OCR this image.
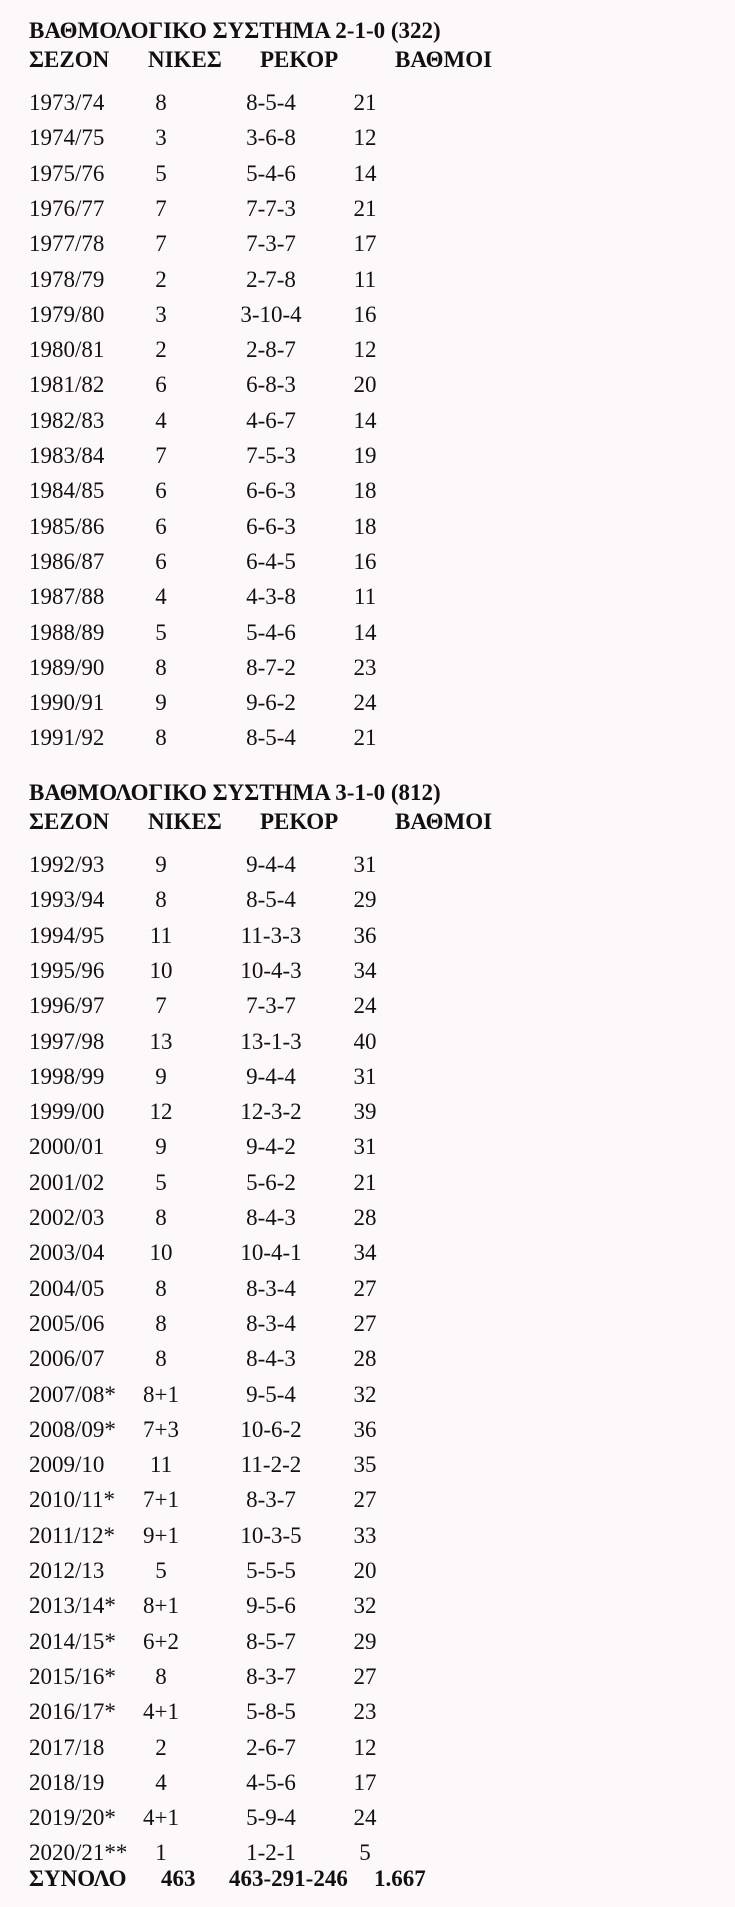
ΒΑΘΜΟΛΟΓΙΚΟ ΣΥΣΤΗΜΑ 2-1-0 (322)
ΣΕΖΟΝ ΝΙΚΕΣ ΡΕΚΟΡ ΒΑΘΜΟΙ
1973/74	8	8-5-4	21
1974/75	3	3-6-8	12
1975/76	5	5-4-6	14
1976/77	7	7-7-3	21
1977/78	7	7-3-7	17
1978/79	2	2-7-8	11
1979/80	3	3-10-4	16
1980/81	2	2-8-7	12
1981/82	6	6-8-3	20
1982/83	4	4-6-7	14
1983/84	7	7-5-3	19
1984/85	6	6-6-3	18
1985/86	6	6-6-3	18
1986/87	6	6-4-5	16
1987/88	4	4-3-8	11
1988/89	5	5-4-6	14
1989/90	8	8-7-2	23
1990/91	9	9-6-2	24
1991/92	8	8-5-4	21
ΒΑΘΜΟΛΟΓΙΚΟ ΣΥΣΤΗΜΑ 3-1-0 (812)
ΣΕΖΟΝ ΝΙΚΕΣ ΡΕΚΟΡ ΒΑΘΜΟΙ
1992/93	9	9-4-4	31
1993/94	8	8-5-4	29
1994/95	11	11-3-3	36
1995/96	10	10-4-3	34
1996/97	7	7-3-7	24
1997/98	13	13-1-3	40
1998/99	9	9-4-4	31
1999/00	12	12-3-2	39
2000/01	9	9-4-2	31
2001/02	5	5-6-2	21
2002/03	8	8-4-3	28
2003/04	10	10-4-1	34
2004/05	8	8-3-4	27
2005/06	8	8-3-4	27
2006/07	8	8-4-3	28
2007/08*	8+1	9-5-4	32
2008/09*	7+3	10-6-2	36
2009/10	11	11-2-2	35
2010/11*	7+1	8-3-7	27
2011/12*	9+1	10-3-5	33
2012/13	5	5-5-5	20
2013/14*	8+1	9-5-6	32
2014/15*	6+2	8-5-7	29
2015/16*	8	8-3-7	27
2016/17*	4+1	5-8-5	23
2017/18	2	2-6-7	12
2018/19	4	4-5-6	17
2019/20*	4+1	5-9-4	24
2020/21**	1	1-2-1	5
ΣΥΝΟΛΟ 463 463-291-246 1.667
